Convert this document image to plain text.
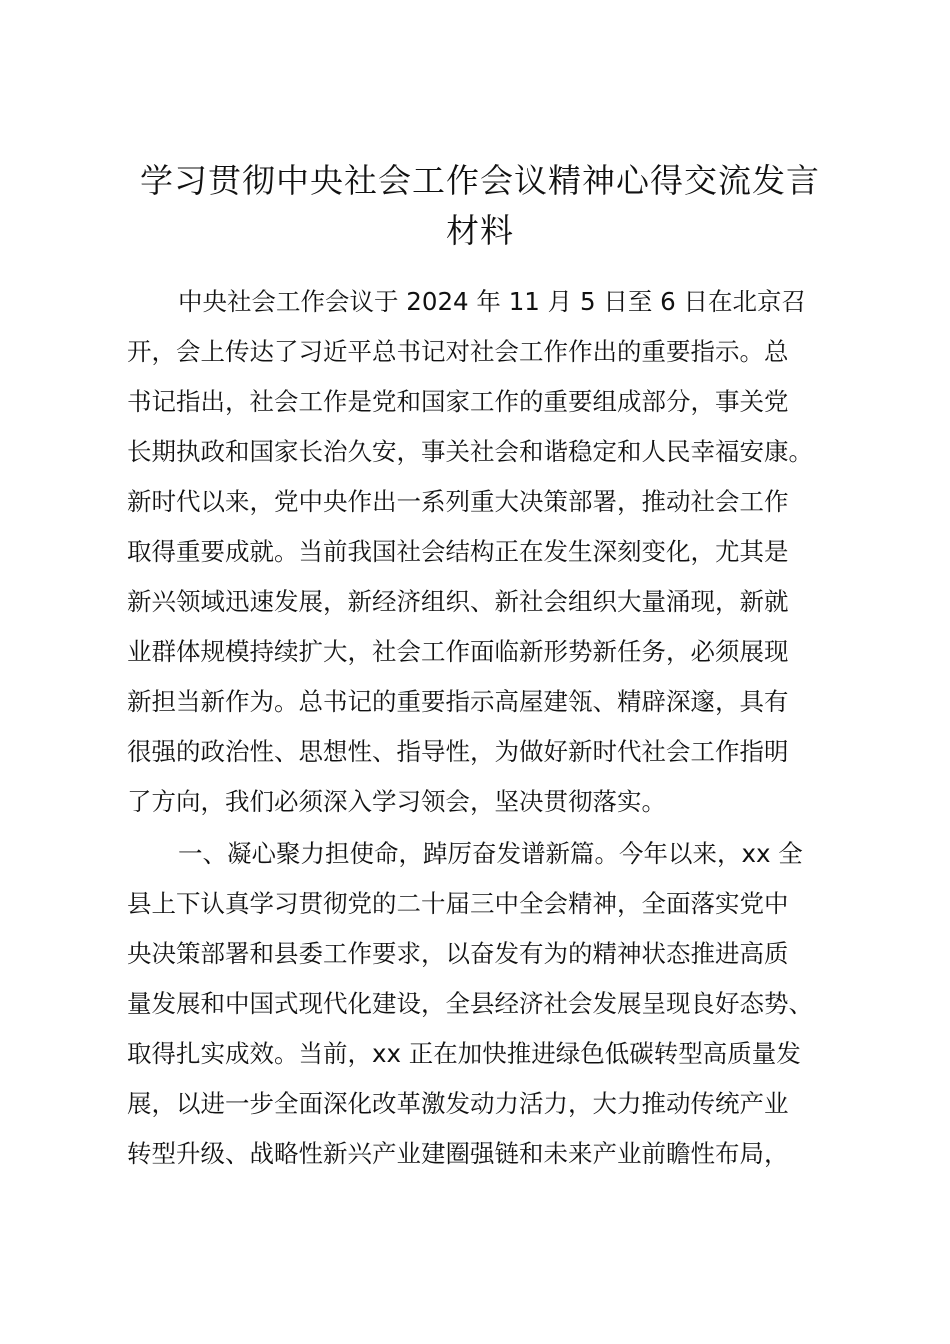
学习贯彻中央社会工作会议精神心得交流发言
材料

中央社会工作会议于 2024 年 11 月 5 日至 6 日在北京召

开，会上传达了习近平总书记对社会工作作出的重要指示。总

书记指出，社会工作是党和国家工作的重要组成部分，事关党

长期执政和国家长治久安，事关社会和谐稳定和人民幸福安康。

新时代以来，党中央作出一系列重大决策部署，推动社会工作

取得重要成就。当前我国社会结构正在发生深刻变化，尤其是

新兴领域迅速发展，新经济组织、新社会组织大量涌现，新就

业群体规模持续扩大，社会工作面临新形势新任务，必须展现

新担当新作为。总书记的重要指示高屋建瓴、精辟深邃，具有

很强的政治性、思想性、指导性，为做好新时代社会工作指明

了方向，我们必须深入学习领会，坚决贯彻落实。

一、凝心聚力担使命，踔厉奋发谱新篇。今年以来，xx 全

县上下认真学习贯彻党的二十届三中全会精神，全面落实党中

央决策部署和县委工作要求，以奋发有为的精神状态推进高质

量发展和中国式现代化建设，全县经济社会发展呈现良好态势、

取得扎实成效。当前，xx 正在加快推进绿色低碳转型高质量发

展，以进一步全面深化改革激发动力活力，大力推动传统产业

转型升级、战略性新兴产业建圈强链和未来产业前瞻性布局，
